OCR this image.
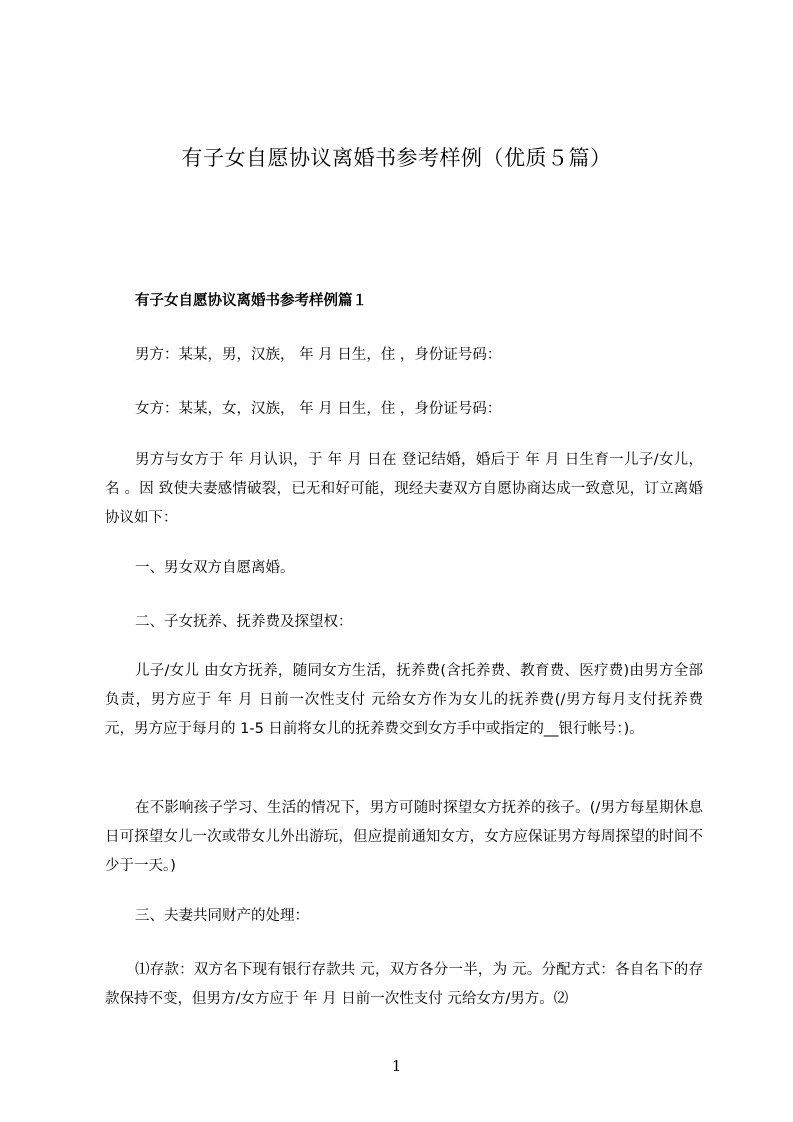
有子女自愿协议离婚书参考样例（优质５篇）
有子女自愿协议离婚书参考样例篇１
男方：某某，男，汉族， 年 月 日生，住 ，身份证号码：
女方：某某，女，汉族， 年 月 日生，住 ，身份证号码：
男方与女方于 年 月认识，于 年 月 日在 登记结婚，婚后于 年 月 日生育一儿子/女儿，名 。因 致使夫妻感情破裂，已无和好可能，现经夫妻双方自愿协商达成一致意见，订立离婚协议如下：
一、男女双方自愿离婚。
二、子女抚养、抚养费及探望权：
儿子/女儿 由女方抚养，随同女方生活，抚养费(含托养费、教育费、医疗费)由男方全部负责，男方应于 年 月 日前一次性支付 元给女方作为女儿的抚养费(/男方每月支付抚养费 元，男方应于每月的 1-5 日前将女儿的抚养费交到女方手中或指定的__银行帐号：)。
在不影响孩子学习、生活的情况下，男方可随时探望女方抚养的孩子。(/男方每星期休息日可探望女儿一次或带女儿外出游玩，但应提前通知女方，女方应保证男方每周探望的时间不少于一天。)
三、夫妻共同财产的处理：
⑴存款：双方名下现有银行存款共 元，双方各分一半，为 元。分配方式：各自名下的存款保持不变，但男方/女方应于 年 月 日前一次性支付 元给女方/男方。⑵
1
